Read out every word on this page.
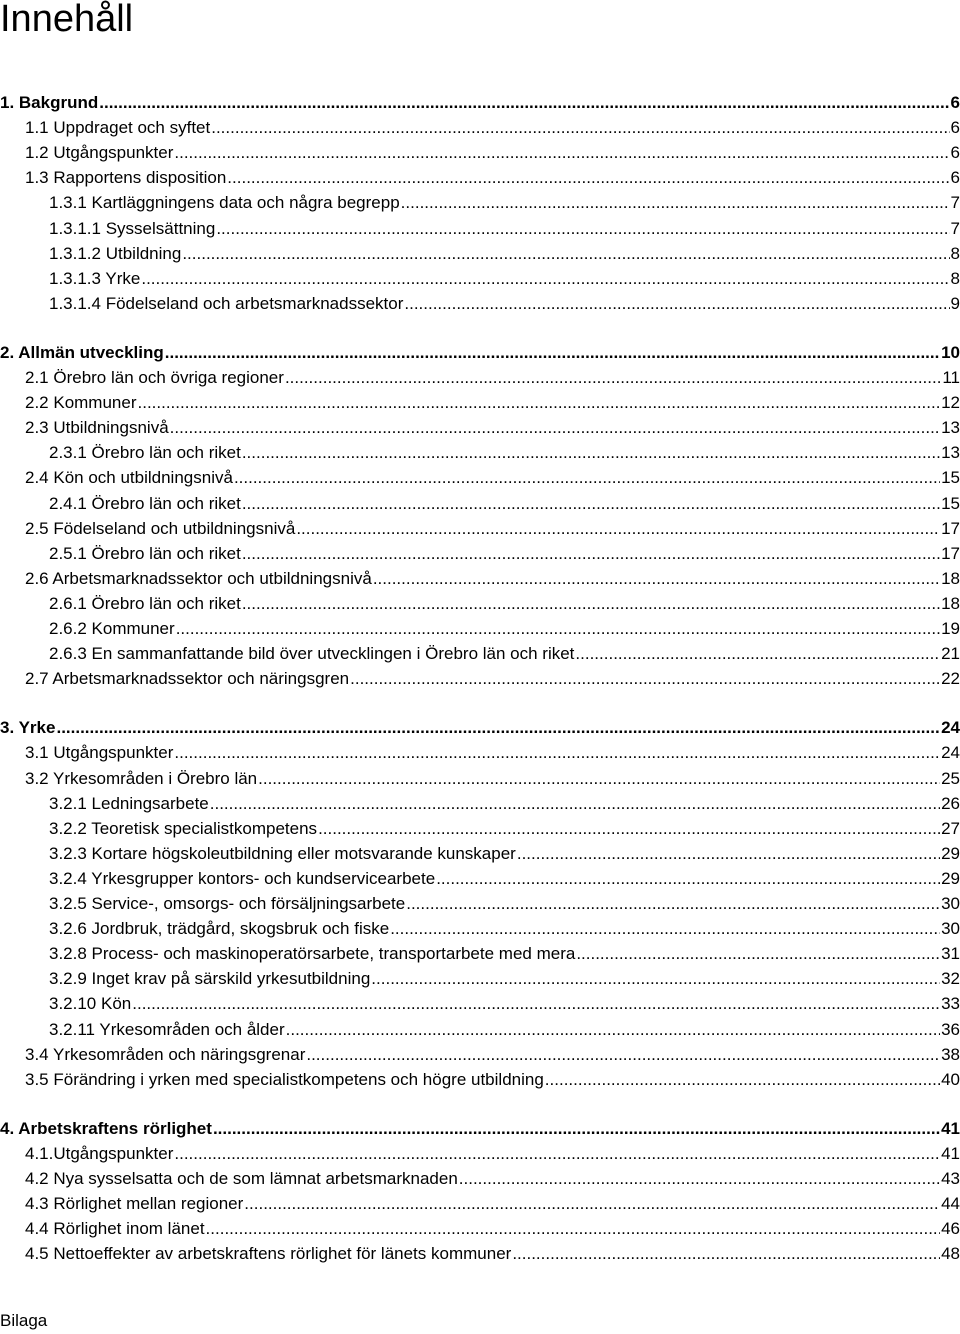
Innehåll
1. Bakgrund .....	6
1.1 Uppdraget och syftet .....	6
1.2 Utgångspunkter .....	6
1.3 Rapportens disposition .....	6
1.3.1 Kartläggningens data och några begrepp .....	7
1.3.1.1 Sysselsättning .....	7
1.3.1.2 Utbildning .....	8
1.3.1.3 Yrke .....	8
1.3.1.4 Födelseland och arbetsmarknadssektor .....	9
2. Allmän utveckling .....	10
2.1 Örebro län och övriga regioner .....	11
2.2 Kommuner .....	12
2.3 Utbildningsnivå .....	13
2.3.1 Örebro län och riket .....	13
2.4 Kön och utbildningsnivå .....	15
2.4.1 Örebro län och riket .....	15
2.5 Födelseland och utbildningsnivå .....	17
2.5.1 Örebro län och riket .....	17
2.6 Arbetsmarknadssektor och utbildningsnivå .....	18
2.6.1 Örebro län och riket .....	18
2.6.2 Kommuner .....	19
2.6.3 En sammanfattande bild över utvecklingen i Örebro län och riket .....	21
2.7 Arbetsmarknadssektor och näringsgren .....	22
3. Yrke .....	24
3.1 Utgångspunkter .....	24
3.2 Yrkesområden i Örebro län .....	25
3.2.1 Ledningsarbete .....	26
3.2.2 Teoretisk specialistkompetens .....	27
3.2.3 Kortare högskoleutbildning eller motsvarande kunskaper .....	29
3.2.4 Yrkesgrupper kontors- och kundservicearbete .....	29
3.2.5 Service-, omsorgs- och försäljningsarbete .....	30
3.2.6 Jordbruk, trädgård, skogsbruk och fiske .....	30
3.2.8 Process- och maskinoperatörsarbete, transportarbete med mera .....	31
3.2.9 Inget krav på särskild yrkesutbildning .....	32
3.2.10 Kön .....	33
3.2.11 Yrkesområden och ålder .....	36
3.4 Yrkesområden och näringsgrenar .....	38
3.5 Förändring i yrken med specialistkompetens och högre utbildning .....	40
4. Arbetskraftens rörlighet .....	41
4.1.Utgångspunkter .....	41
4.2 Nya sysselsatta och de som lämnat arbetsmarknaden .....	43
4.3 Rörlighet mellan regioner .....	44
4.4 Rörlighet inom länet .....	46
4.5 Nettoeffekter av arbetskraftens rörlighet för länets kommuner .....	48
Bilaga
